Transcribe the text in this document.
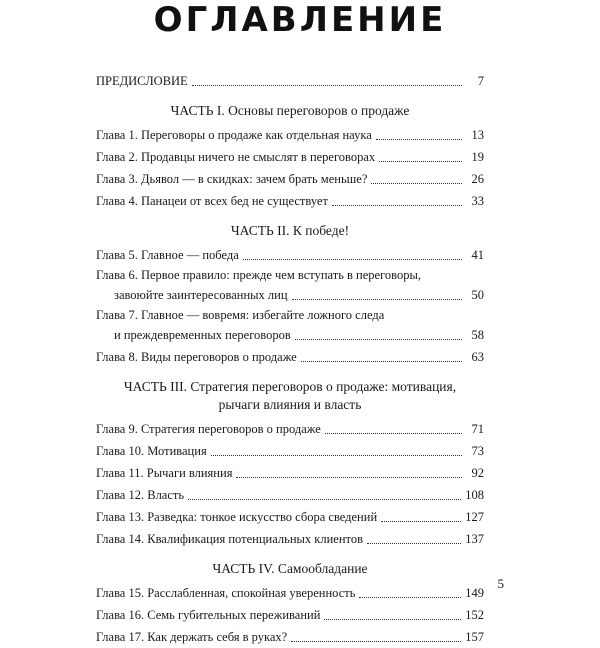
ОГЛАВЛЕНИЕ
ПРЕДИСЛОВИЕ	7
ЧАСТЬ I. Основы переговоров о продаже
Глава 1. Переговоры о продаже как отдельная наука	13
Глава 2. Продавцы ничего не смыслят в переговорах	19
Глава 3. Дьявол — в скидках: зачем брать меньше?	26
Глава 4. Панацеи от всех бед не существует	33
ЧАСТЬ II. К победе!
Глава 5. Главное — победа	41
Глава 6. Первое правило: прежде чем вступать в переговоры,
завоюйте заинтересованных лиц	50
Глава 7. Главное — вовремя: избегайте ложного следа
и преждевременных переговоров	58
Глава 8. Виды переговоров о продаже	63
ЧАСТЬ III. Стратегия переговоров о продаже: мотивация,
рычаги влияния и власть
Глава 9. Стратегия переговоров о продаже	71
Глава 10. Мотивация	73
Глава 11. Рычаги влияния	92
Глава 12. Власть	108
Глава 13. Разведка: тонкое искусство сбора сведений	127
Глава 14. Квалификация потенциальных клиентов	137
ЧАСТЬ IV. Самообладание
Глава 15. Расслабленная, спокойная уверенность	149
Глава 16. Семь губительных переживаний	152
Глава 17. Как держать себя в руках?	157
5
